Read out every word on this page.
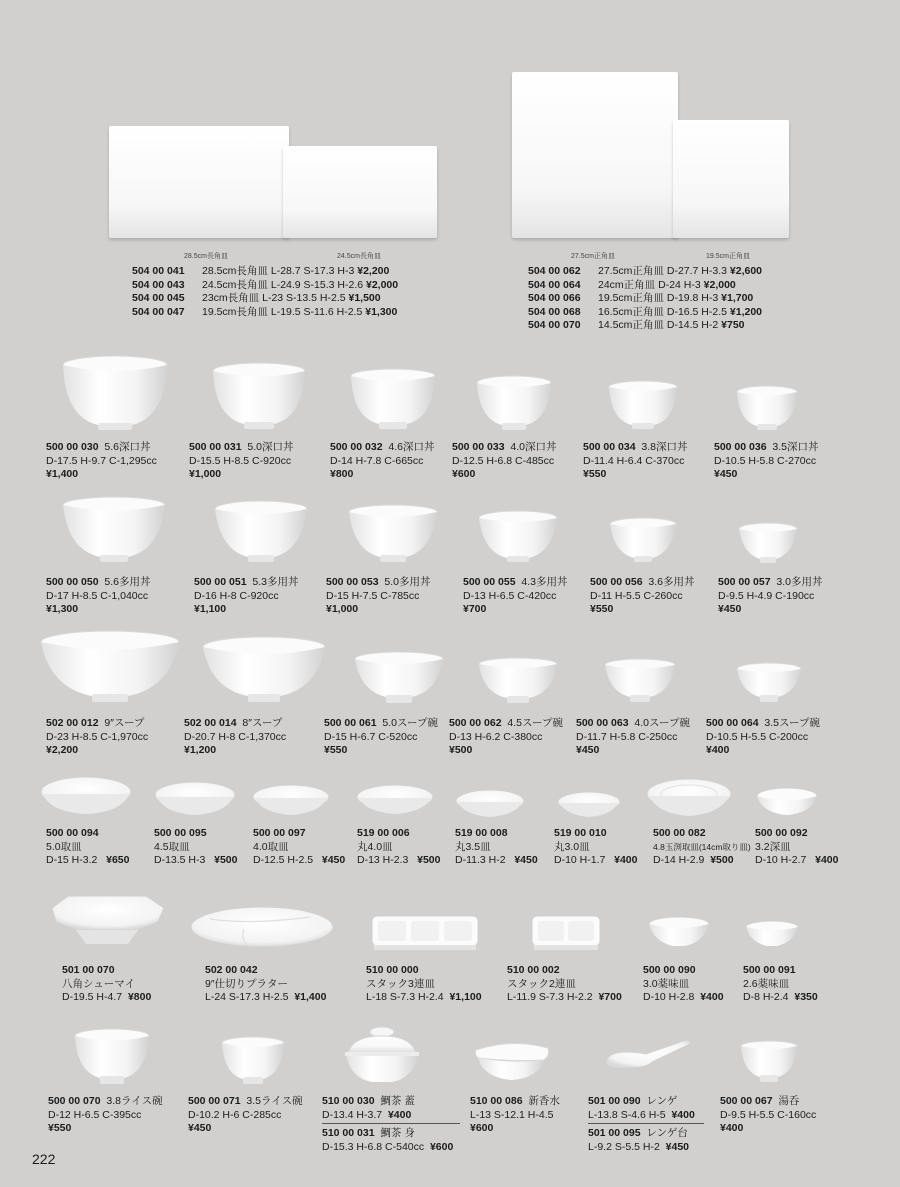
28.5cm長角皿	24.5cm長角皿
504 00 041 28.5cm長角皿 L-28.7 S-17.3 H-3 ¥2,200
504 00 043 24.5cm長角皿 L-24.9 S-15.3 H-2.6 ¥2,000
504 00 045 23cm長角皿 L-23 S-13.5 H-2.5 ¥1,500
504 00 047 19.5cm長角皿 L-19.5 S-11.6 H-2.5 ¥1,300
27.5cm正角皿	19.5cm正角皿
504 00 062 27.5cm正角皿 D-27.7 H-3.3 ¥2,600
504 00 064 24cm正角皿 D-24 H-3 ¥2,000
504 00 066 19.5cm正角皿 D-19.8 H-3 ¥1,700
504 00 068 16.5cm正角皿 D-16.5 H-2.5 ¥1,200
504 00 070 14.5cm正角皿 D-14.5 H-2 ¥750
500 00 030 5.6深口丼
D-17.5 H-9.7 C-1,295cc
¥1,400
500 00 031 5.0深口丼
D-15.5 H-8.5 C-920cc
¥1,000
500 00 032 4.6深口丼
D-14 H-7.8 C-665cc
¥800
500 00 033 4.0深口丼
D-12.5 H-6.8 C-485cc
¥600
500 00 034 3.8深口丼
D-11.4 H-6.4 C-370cc
¥550
500 00 036 3.5深口丼
D-10.5 H-5.8 C-270cc
¥450
500 00 050 5.6多用丼
D-17 H-8.5 C-1,040cc
¥1,300
500 00 051 5.3多用丼
D-16 H-8 C-920cc
¥1,100
500 00 053 5.0多用丼
D-15 H-7.5 C-785cc
¥1,000
500 00 055 4.3多用丼
D-13 H-6.5 C-420cc
¥700
500 00 056 3.6多用丼
D-11 H-5.5 C-260cc
¥550
500 00 057 3.0多用丼
D-9.5 H-4.9 C-190cc
¥450
502 00 012 9″スープ
D-23 H-8.5 C-1,970cc
¥2,200
502 00 014 8″スープ
D-20.7 H-8 C-1,370cc
¥1,200
500 00 061 5.0スープ碗
D-15 H-6.7 C-520cc
¥550
500 00 062 4.5スープ碗
D-13 H-6.2 C-380cc
¥500
500 00 063 4.0スープ碗
D-11.7 H-5.8 C-250cc
¥450
500 00 064 3.5スープ碗
D-10.5 H-5.5 C-200cc
¥400
500 00 094
5.0取皿
D-15 H-3.2 ¥650
500 00 095
4.5取皿
D-13.5 H-3 ¥500
500 00 097
4.0取皿
D-12.5 H-2.5 ¥450
519 00 006
丸4.0皿
D-13 H-2.3 ¥500
519 00 008
丸3.5皿
D-11.3 H-2 ¥450
519 00 010
丸3.0皿
D-10 H-1.7 ¥400
500 00 082
4.8玉渕取皿(14cm取り皿)
D-14 H-2.9 ¥500
500 00 092
3.2深皿
D-10 H-2.7 ¥400
501 00 070
八角シューマイ
D-19.5 H-4.7 ¥800
502 00 042
9″仕切りプラター
L-24 S-17.3 H-2.5 ¥1,400
510 00 000
スタック3連皿
L-18 S-7.3 H-2.4 ¥1,100
510 00 002
スタック2連皿
L-11.9 S-7.3 H-2.2 ¥700
500 00 090
3.0薬味皿
D-10 H-2.8 ¥400
500 00 091
2.6薬味皿
D-8 H-2.4 ¥350
500 00 070 3.8ライス碗
D-12 H-6.5 C-395cc
¥550
500 00 071 3.5ライス碗
D-10.2 H-6 C-285cc
¥450
510 00 030 鯛茶 蓋
D-13.4 H-3.7 ¥400
510 00 031 鯛茶 身
D-15.3 H-6.8 C-540cc ¥600
510 00 086 新香水
L-13 S-12.1 H-4.5
¥600
501 00 090 レンゲ
L-13.8 S-4.6 H-5 ¥400
501 00 095 レンゲ台
L-9.2 S-5.5 H-2 ¥450
500 00 067 湯呑
D-9.5 H-5.5 C-160cc
¥400
222
